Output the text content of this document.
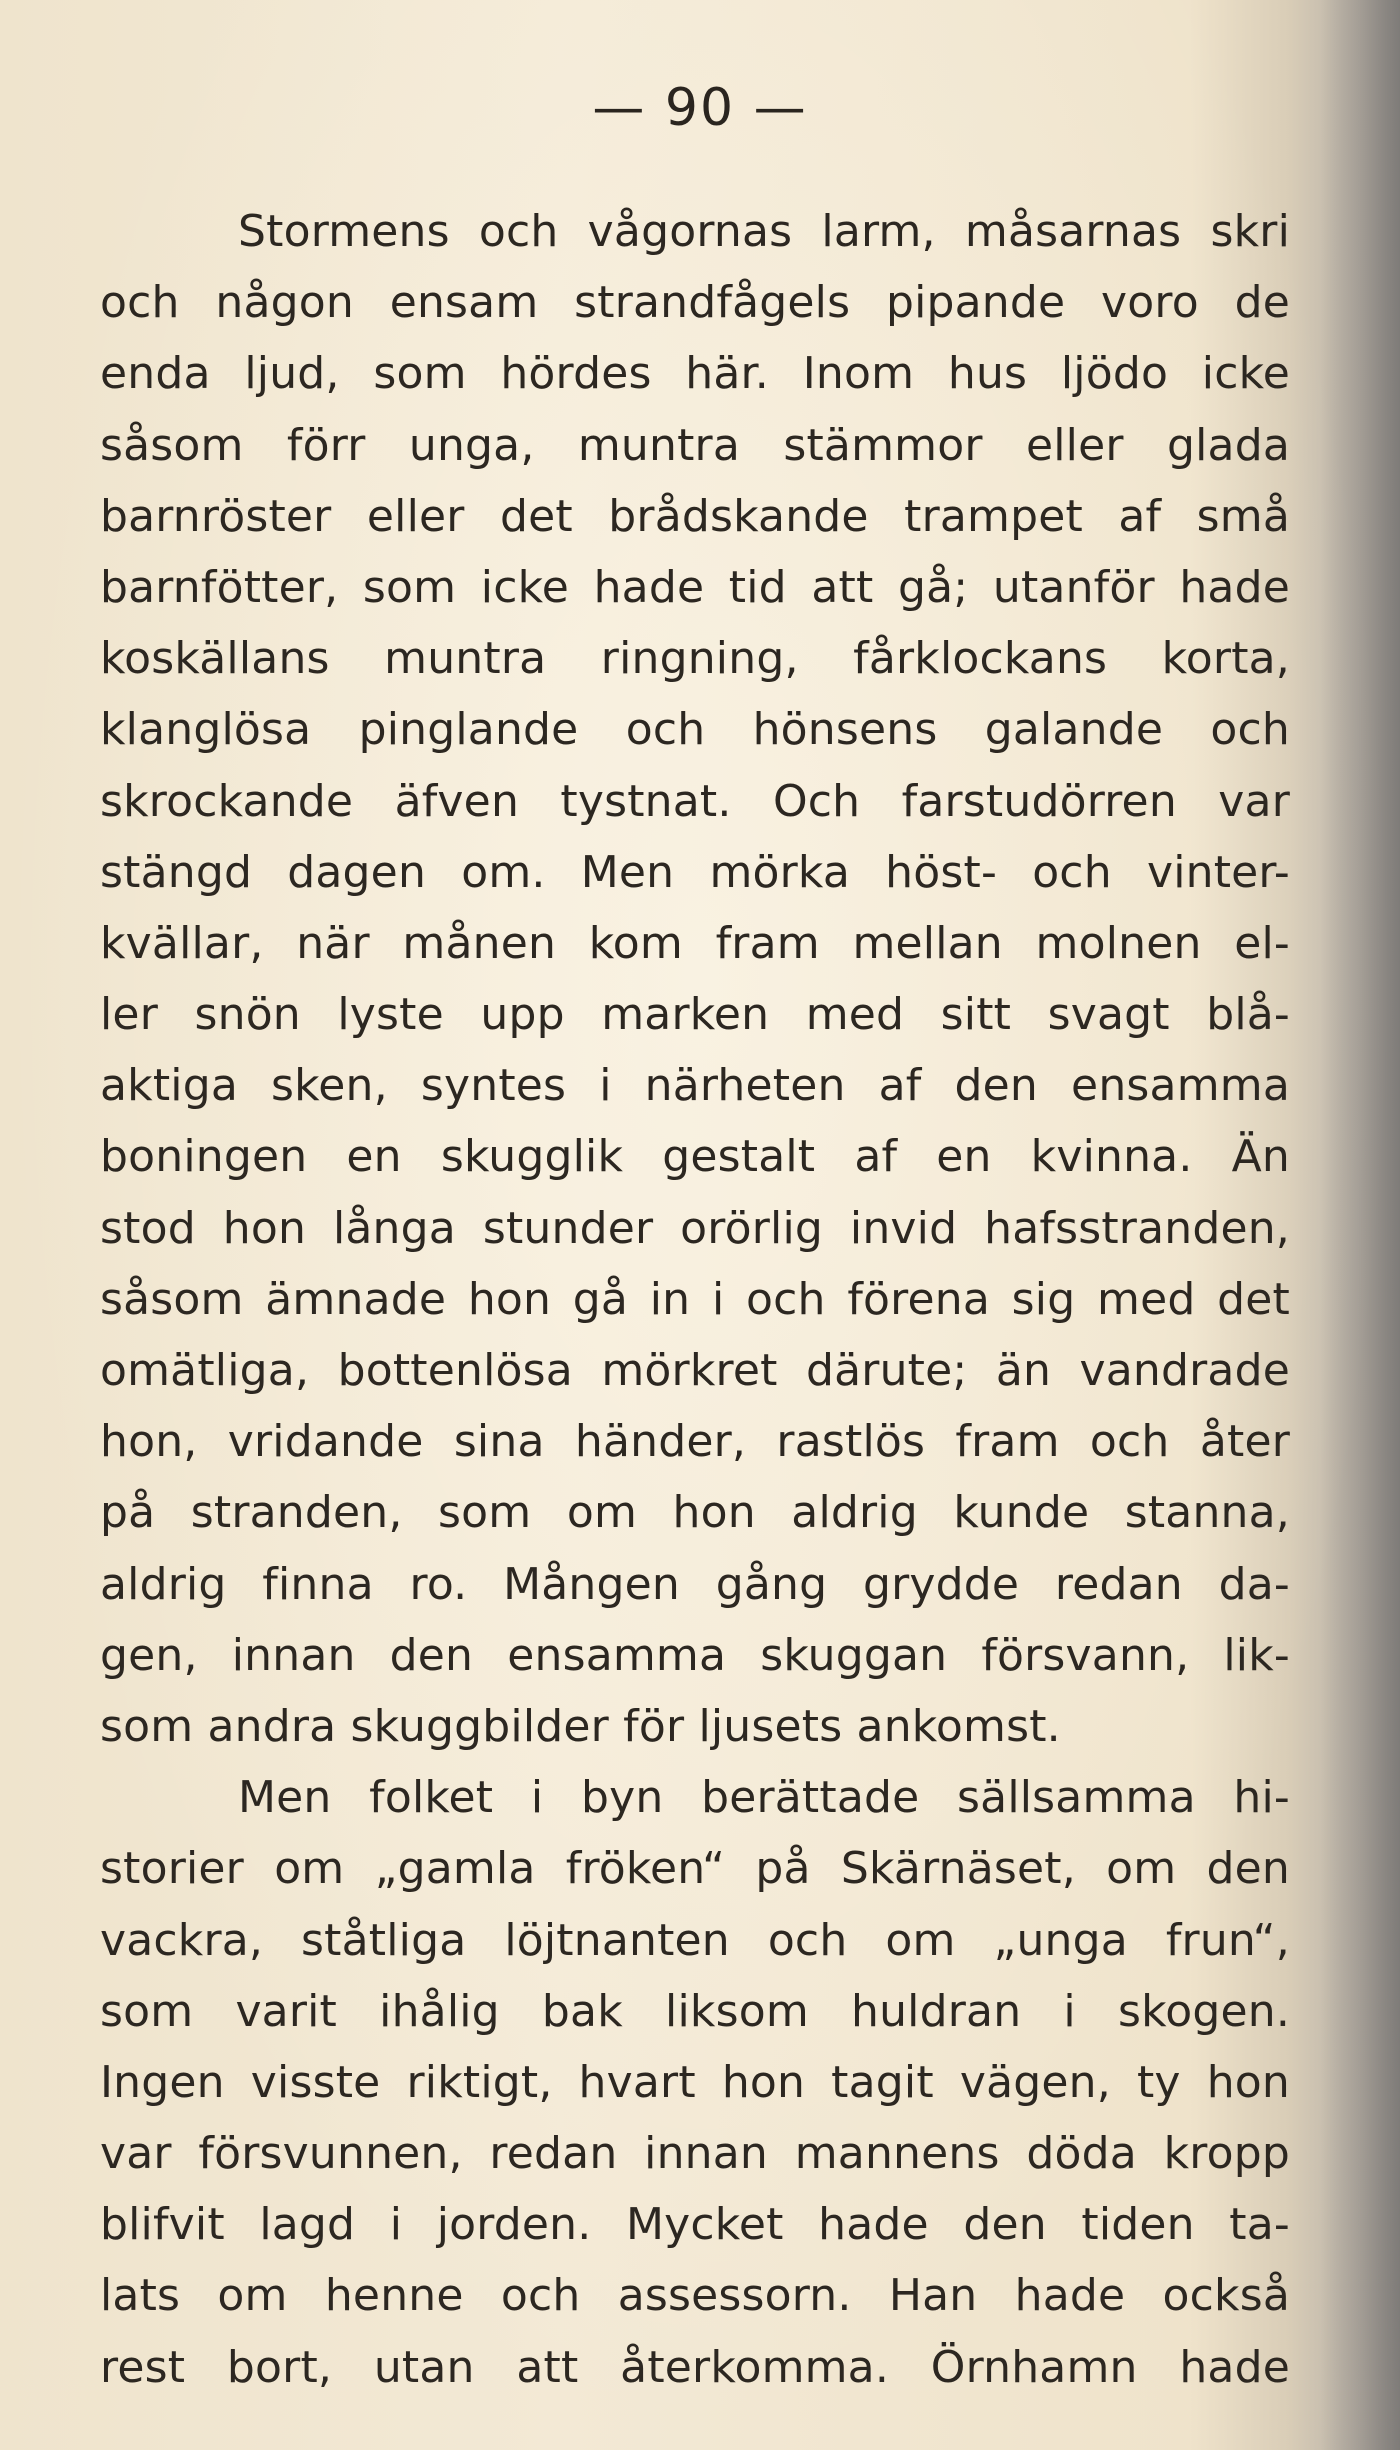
— 90 —
Stormens och vågornas larm, måsarnas skri
och någon ensam strandfågels pipande voro de
enda ljud, som hördes här. Inom hus ljödo icke
såsom förr unga, muntra stämmor eller glada
barnröster eller det brådskande trampet af små
barnfötter, som icke hade tid att gå; utanför hade
koskällans muntra ringning, fårklockans korta,
klanglösa pinglande och hönsens galande och
skrockande äfven tystnat. Och farstudörren var
stängd dagen om. Men mörka höst- och vinter-
kvällar, när månen kom fram mellan molnen el-
ler snön lyste upp marken med sitt svagt blå-
aktiga sken, syntes i närheten af den ensamma
boningen en skugglik gestalt af en kvinna. Än
stod hon långa stunder orörlig invid hafsstranden,
såsom ämnade hon gå in i och förena sig med det
omätliga, bottenlösa mörkret därute; än vandrade
hon, vridande sina händer, rastlös fram och åter
på stranden, som om hon aldrig kunde stanna,
aldrig finna ro. Mången gång grydde redan da-
gen, innan den ensamma skuggan försvann, lik-
som andra skuggbilder för ljusets ankomst.
Men folket i byn berättade sällsamma hi-
storier om „gamla fröken“ på Skärnäset, om den
vackra, ståtliga löjtnanten och om „unga frun“,
som varit ihålig bak liksom huldran i skogen.
Ingen visste riktigt, hvart hon tagit vägen, ty hon
var försvunnen, redan innan mannens döda kropp
blifvit lagd i jorden. Mycket hade den tiden ta-
lats om henne och assessorn. Han hade också
rest bort, utan att återkomma. Örnhamn hade
